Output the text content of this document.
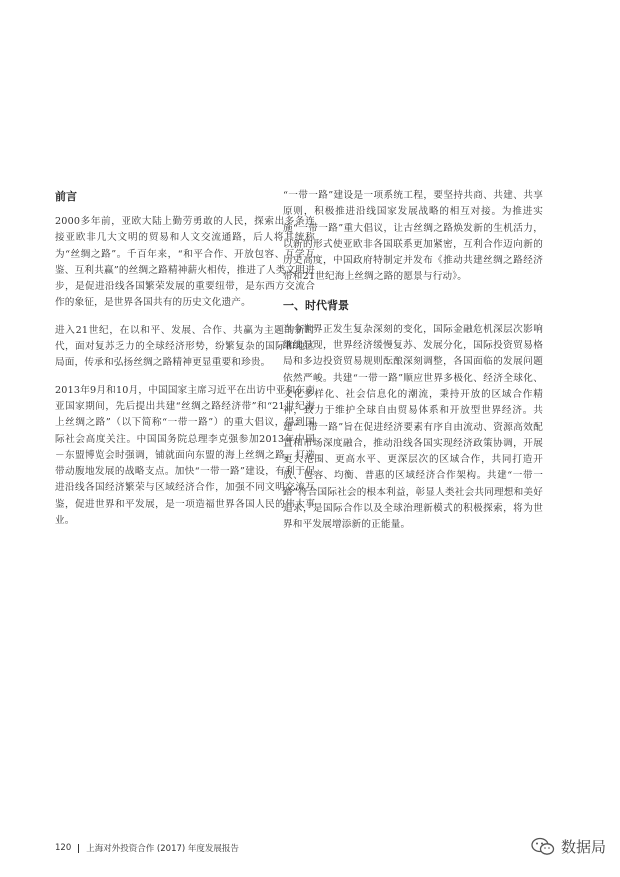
前言

2000多年前，亚欧大陆上勤劳勇敢的人民，探索出多条连接亚欧非几大文明的贸易和人文交流通路，后人将其统称为“丝绸之路”。千百年来，“和平合作、开放包容、互学互鉴、互利共赢”的丝绸之路精神薪火相传，推进了人类文明进步，是促进沿线各国繁荣发展的重要纽带，是东西方交流合作的象征，是世界各国共有的历史文化遗产。

进入21世纪，在以和平、发展、合作、共赢为主题的新时代，面对复苏乏力的全球经济形势，纷繁复杂的国际和地区局面，传承和弘扬丝绸之路精神更显重要和珍贵。

2013年9月和10月，中国国家主席习近平在出访中亚和东南亚国家期间，先后提出共建“丝绸之路经济带”和“21世纪海上丝绸之路”（以下简称“一带一路”）的重大倡议，得到国际社会高度关注。中国国务院总理李克强参加2013年中国－东盟博览会时强调，铺就面向东盟的海上丝绸之路，打造带动腹地发展的战略支点。加快“一带一路”建设，有利于促进沿线各国经济繁荣与区域经济合作，加强不同文明交流互鉴，促进世界和平发展，是一项造福世界各国人民的伟大事业。

“一带一路”建设是一项系统工程，要坚持共商、共建、共享原则，积极推进沿线国家发展战略的相互对接。为推进实施“一带一路”重大倡议，让古丝绸之路焕发新的生机活力，以新的形式使亚欧非各国联系更加紧密，互利合作迈向新的历史高度，中国政府特制定并发布《推动共建丝绸之路经济带和21世纪海上丝绸之路的愿景与行动》。

一、时代背景

当今世界正发生复杂深刻的变化，国际金融危机深层次影响继续显现，世界经济缓慢复苏、发展分化，国际投资贸易格局和多边投资贸易规则酝酿深刻调整，各国面临的发展问题依然严峻。共建“一带一路”顺应世界多极化、经济全球化、文化多样化、社会信息化的潮流，秉持开放的区域合作精神，致力于维护全球自由贸易体系和开放型世界经济。共建“一带一路”旨在促进经济要素有序自由流动、资源高效配置和市场深度融合，推动沿线各国实现经济政策协调，开展更大范围、更高水平、更深层次的区域合作，共同打造开放、包容、均衡、普惠的区域经济合作架构。共建“一带一路”符合国际社会的根本利益，彰显人类社会共同理想和美好追求，是国际合作以及全球治理新模式的积极探索，将为世界和平发展增添新的正能量。

120 上海对外投资合作 (2017) 年度发展报告	数据局
